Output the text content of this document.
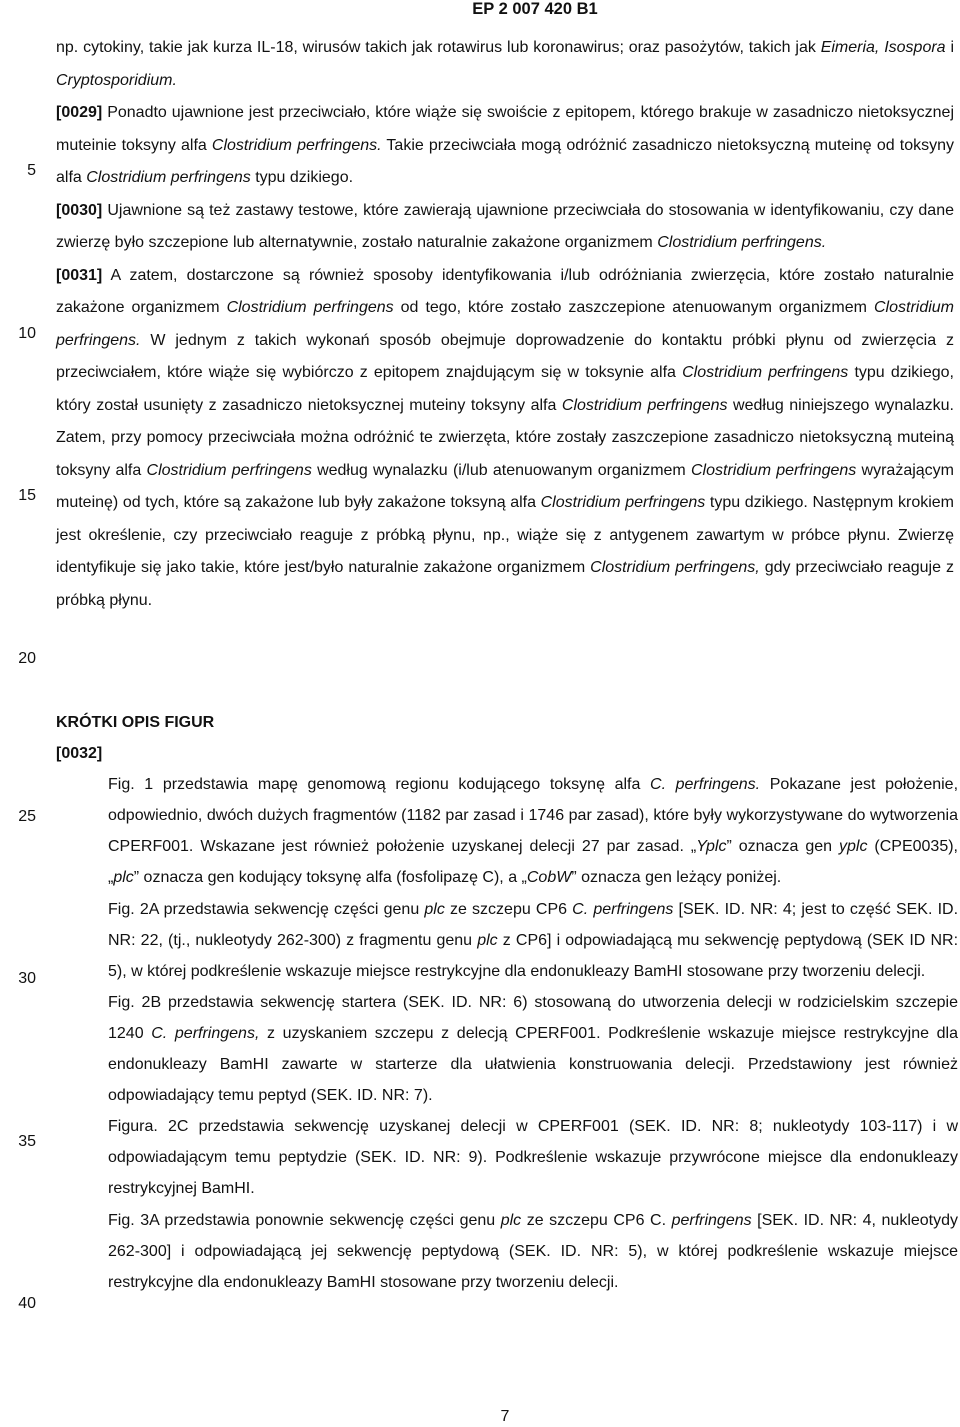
EP 2 007 420 B1
5
10
15
20
25
30
35
40

np. cytokiny, takie jak kurza IL-18, wirusów takich jak rotawirus lub koronawirus; oraz pasożytów, takich jak Eimeria, Isospora i Cryptosporidium.

[0029] Ponadto ujawnione jest przeciwciało, które wiąże się swoiście z epitopem, którego brakuje w zasadniczo nietoksycznej muteinie toksyny alfa Clostridium perfringens. Takie przeciwciała mogą odróżnić zasadniczo nietoksyczną muteinę od toksyny alfa Clostridium perfringens typu dzikiego.

[0030] Ujawnione są też zastawy testowe, które zawierają ujawnione przeciwciała do stosowania w identyfikowaniu, czy dane zwierzę było szczepione lub alternatywnie, zostało naturalnie zakażone organizmem Clostridium perfringens.

[0031] A zatem, dostarczone są również sposoby identyfikowania i/lub odróżniania zwierzęcia, które zostało naturalnie zakażone organizmem Clostridium perfringens od tego, które zostało zaszczepione atenuowanym organizmem Clostridium perfringens. W jednym z takich wykonań sposób obejmuje doprowadzenie do kontaktu próbki płynu od zwierzęcia z przeciwciałem, które wiąże się wybiórczo z epitopem znajdującym się w toksynie alfa Clostridium perfringens typu dzikiego, który został usunięty z zasadniczo nietoksycznej muteiny toksyny alfa Clostridium perfringens według niniejszego wynalazku. Zatem, przy pomocy przeciwciała można odróżnić te zwierzęta, które zostały zaszczepione zasadniczo nietoksyczną muteiną toksyny alfa Clostridium perfringens według wynalazku (i/lub atenuowanym organizmem Clostridium perfringens wyrażającym muteinę) od tych, które są zakażone lub były zakażone toksyną alfa Clostridium perfringens typu dzikiego. Następnym krokiem jest określenie, czy przeciwciało reaguje z próbką płynu, np., wiąże się z antygenem zawartym w próbce płynu. Zwierzę identyfikuje się jako takie, które jest/było naturalnie zakażone organizmem Clostridium perfringens, gdy przeciwciało reaguje z próbką płynu.

KRÓTKI OPIS FIGUR

[0032]

Fig. 1 przedstawia mapę genomową regionu kodującego toksynę alfa C. perfringens. Pokazane jest położenie, odpowiednio, dwóch dużych fragmentów (1182 par zasad i 1746 par zasad), które były wykorzystywane do wytworzenia CPERF001. Wskazane jest również położenie uzyskanej delecji 27 par zasad. „Yplc” oznacza gen yplc (CPE0035), „plc” oznacza gen kodujący toksynę alfa (fosfolipazę C), a „CobW” oznacza gen leżący poniżej.

Fig. 2A przedstawia sekwencję części genu plc ze szczepu CP6 C. perfringens [SEK. ID. NR: 4; jest to część SEK. ID. NR: 22, (tj., nukleotydy 262-300) z fragmentu genu plc z CP6] i odpowiadającą mu sekwencję peptydową (SEK ID NR: 5), w której podkreślenie wskazuje miejsce restrykcyjne dla endonukleazy BamHI stosowane przy tworzeniu delecji.

Fig. 2B przedstawia sekwencję startera (SEK. ID. NR: 6) stosowaną do utworzenia delecji w rodzicielskim szczepie 1240 C. perfringens, z uzyskaniem szczepu z delecją CPERF001. Podkreślenie wskazuje miejsce restrykcyjne dla endonukleazy BamHI zawarte w starterze dla ułatwienia konstruowania delecji. Przedstawiony jest również odpowiadający temu peptyd (SEK. ID. NR: 7).

Figura. 2C przedstawia sekwencję uzyskanej delecji w CPERF001 (SEK. ID. NR: 8; nukleotydy 103-117) i w odpowiadającym temu peptydzie (SEK. ID. NR: 9). Podkreślenie wskazuje przywrócone miejsce dla endonukleazy restrykcyjnej BamHI.

Fig. 3A przedstawia ponownie sekwencję części genu plc ze szczepu CP6 C. perfringens [SEK. ID. NR: 4, nukleotydy 262-300] i odpowiadającą jej sekwencję peptydową (SEK. ID. NR: 5), w której podkreślenie wskazuje miejsce restrykcyjne dla endonukleazy BamHI stosowane przy tworzeniu delecji.

7
